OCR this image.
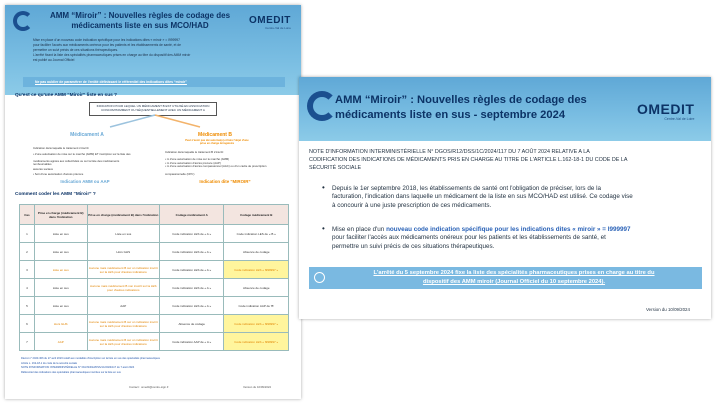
AMM “Miroir” : Nouvelles règles de codage des
médicaments liste en sus MCO/HAD	OMEDIT
Centre-Val de Loire
Mise en place d'un nouveau code indication spécifique pour les indications dites « miroir » = I999997
pour faciliter l'accès aux médicaments onéreux pour les patients et les établissements de santé, et de
permettre un suivi précis de ces situations thérapeutiques.
L'arrêté fixant la liste des spécialités pharmaceutiques prises en charge au titre du dispositif des AMM miroir
est publié au Journal Officiel
Ne pas oublier de paramétrer de l'entité définissant le référentiel des indications dites “miroir”
Qu'est ce qu'une AMM “Miroir” liste en sus ?
INDICATION POUR LEQUEL UN MÉDICAMENT B EST UTILISÉ EN ASSOCIATION CONCOMITAMMENT OU SÉQUENTIELLEMENT AVEC UN MÉDICAMENT A
Médicament A	Médicament B
Peut n'avoir pas été autorisé(e) et faire l'objet d'une prise en charge dérogatoire
Indication dans laquelle le traitement s'inscrit:
• d'une autorisation de mise sur le marché (AMM) ET inscription sur la liste des
médicaments agréés aux collectivités ou sur la liste des médicaments remboursables
assurés sociaux
• Soit d'une autorisation d'accès précoce
Indication AMM ou AAP
Indication dans laquelle le traitement B s'inscrit:
• ni d'une autorisation de mise sur le marché (AMM)
• ni d'une autorisation d'accès précoce (AAP)
• ni d'une autorisation d'accès compassionnel (AAC) ou d'un cadre de prescription
compassionnelle (CPC)
Indication dite “MIROIR”
Comment coder les AMM “Miroir” ?
Cas	Prise en charge (médicament B) dans l'indication	Prise en charge (médicament B) dans l'indication	Codage médicament A	Codage médicament B
1	Liste en sus	Liste en sus	Code indication LES de « A »	Code indication LES de « B »
2	Liste en sus	Hors GHS	Code indication LES de « A »	Absence de codage
3	Liste en sus	Aucune mais médicament B sur un indication inscrit sur la LES pour d'autres indications	Code indication LES de « A »	Code indication LES « I999997 »
4	Liste en sus	Aucune mais médicament B non inscrit sur la LES pour d'autres indications	Code indication LES de « A »	Absence de codage
5	Liste en sus	AAP	Code indication LES de « A »	Code indication AAP de 'B'
6	Hors GHS	Aucune mais médicament B sur un indication inscrit sur la LES pour d'autres indications	Absence de codage	Code indication LES « I999997 »
7	AAP	Aucune mais médicament B sur un indication inscrit sur la LES pour d'autres indications	Code indication AAP de « A »	Code indication LES « I999997 »
Décret n° 2023-306 du 27 avril 2023 relatif aux modalités d'inscription sur la liste en sus des spécialités pharmaceutiques
Article L. 162-18-1 du code de la sécurité sociale
NOTE D'INFORMATION INTERMINISTÉRIELLE N° DGOS/R12/DSS/1C/2024/117 du 7 août 2024
Référentiel des indications des spécialités pharmaceutiques inscrites sur la liste en sus
Contact : omedit@centre-sign.fr	Version du 10/09/2024
AMM “Miroir” : Nouvelles règles de codage des
médicaments liste en sus - septembre 2024	OMEDIT
Centre-Val de Loire
NOTE D'INFORMATION INTERMINISTÉRIELLE N° DGOS/R12/DSS/1C/2024/117 DU 7 AOÛT 2024 RELATIVE A LA
CODIFICATION DES INDICATIONS DE MÉDICAMENTS PRIS EN CHARGE AU TITRE DE L'ARTICLE L.162-18-1 DU CODE DE LA
SÉCURITÉ SOCIALE
• Depuis le 1er septembre 2018, les établissements de santé ont l'obligation de préciser, lors de la
facturation, l'indication dans laquelle un médicament de la liste en sus MCO/HAD est utilisé. Ce codage vise
à concourir à une juste prescription de ces médicaments.
• Mise en place d'un nouveau code indication spécifique pour les indications dites « miroir » = I999997
pour faciliter l'accès aux médicaments onéreux pour les patients et les établissements de santé, et
permettre un suivi précis de ces situations thérapeutiques.
L'arrêté du 5 septembre 2024 fixe la liste des spécialités pharmaceutiques prises en charge au titre du
dispositif des AMM miroir (Journal Officiel du 10 septembre 2024).
Version du 10/09/2024
